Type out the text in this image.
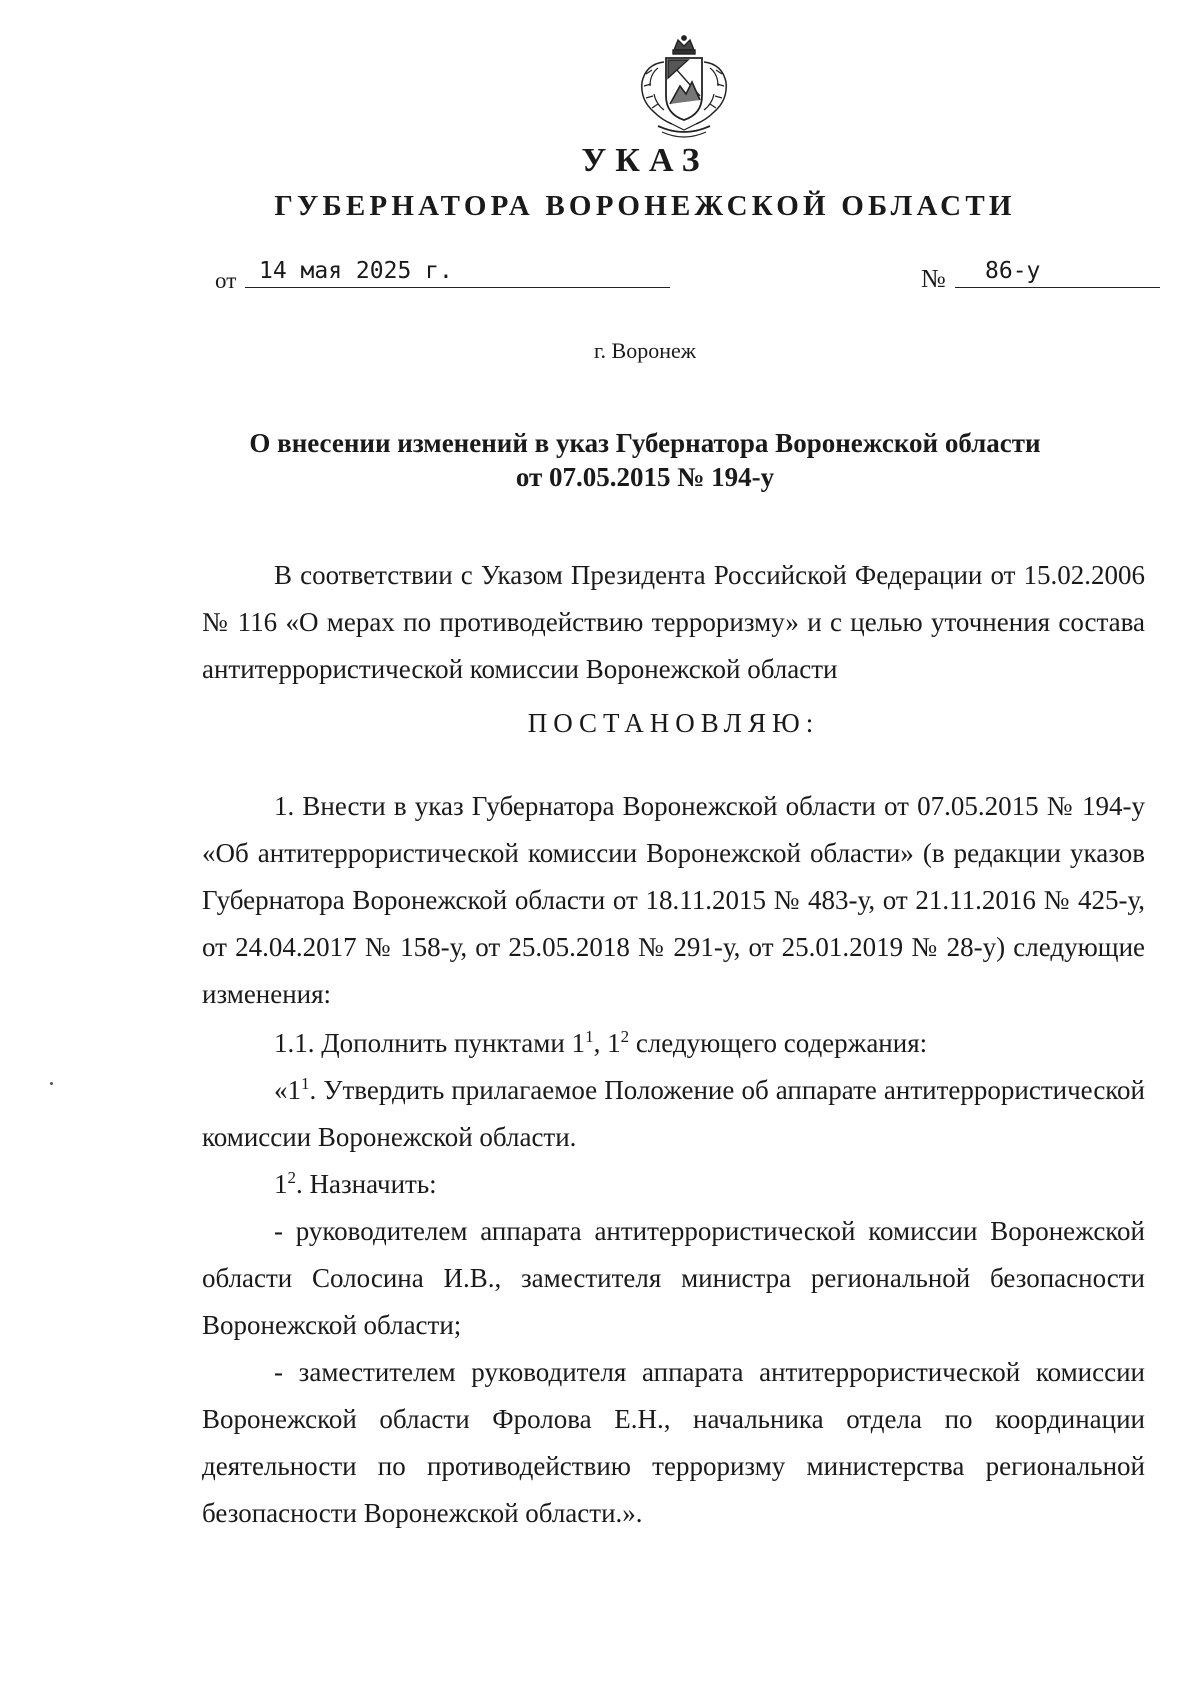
УКАЗ
ГУБЕРНАТОРА ВОРОНЕЖСКОЙ ОБЛАСТИ
от 14 мая 2025 г.	№	86-у
г. Воронеж
О внесении изменений в указ Губернатора Воронежской области
от 07.05.2015 № 194-у

В соответствии с Указом Президента Российской Федерации от 15.02.2006 № 116 «О мерах по противодействию терроризму» и с целью уточнения состава антитеррористической комиссии Воронежской области

ПОСТАНОВЛЯЮ:

1. Внести в указ Губернатора Воронежской области от 07.05.2015 № 194-у «Об антитеррористической комиссии Воронежской области» (в редакции указов Губернатора Воронежской области от 18.11.2015 № 483-у, от 21.11.2016 № 425-у, от 24.04.2017 № 158-у, от 25.05.2018 № 291-у, от 25.01.2019 № 28-у) следующие изменения:

1.1. Дополнить пунктами $1^1$, $1^2$ следующего содержания:

«$1^1$. Утвердить прилагаемое Положение об аппарате антитеррористической комиссии Воронежской области.

$1^2$. Назначить:

- руководителем аппарата антитеррористической комиссии Воронежской области Солосина И.В., заместителя министра региональной безопасности Воронежской области;

- заместителем руководителя аппарата антитеррористической комиссии Воронежской области Фролова Е.Н., начальника отдела по координации деятельности по противодействию терроризму министерства региональной безопасности Воронежской области.».
